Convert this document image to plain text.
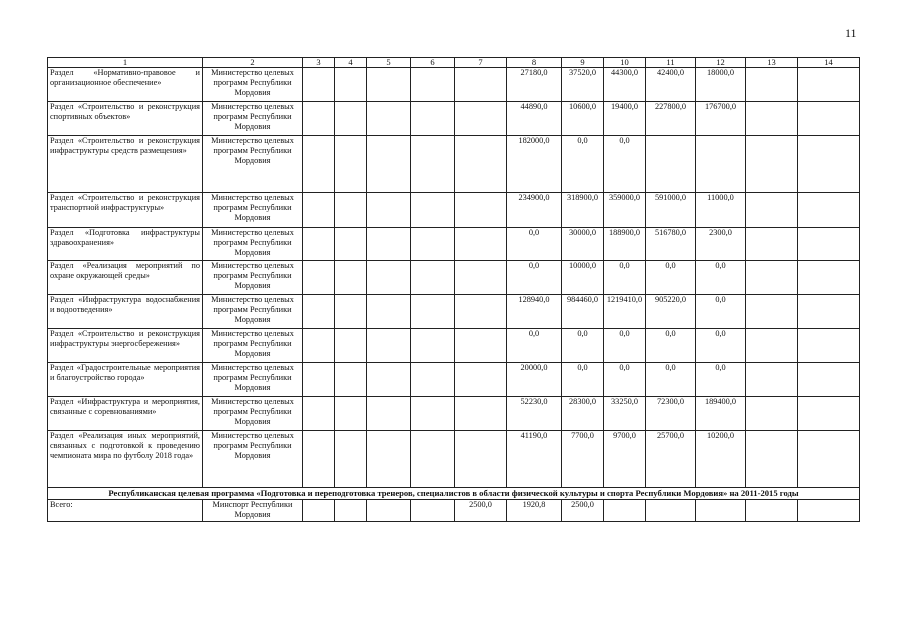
11
1	2	3	4	5	6	7	8	9	10	11	12	13	14
Раздел «Нормативно-правовое и организационное обеспечение»	Министерство целевых программ Республики Мордовия						27180,0	37520,0	44300,0	42400,0	18000,0		
Раздел «Строительство и реконструкция спортивных объектов»	Министерство целевых программ Республики Мордовия						44890,0	10600,0	19400,0	227800,0	176700,0		
Раздел «Строительство и реконструкция инфраструктуры средств размещения»	Министерство целевых программ Республики Мордовия						182000,0	0,0	0,0				
Раздел «Строительство и реконструкция транспортной инфраструктуры»	Министерство целевых программ Республики Мордовия						234900,0	318900,0	359000,0	591000,0	11000,0		
Раздел «Подготовка инфраструктуры здравоохранения»	Министерство целевых программ Республики Мордовия						0,0	30000,0	188900,0	516780,0	2300,0		
Раздел «Реализация мероприятий по охране окружающей среды»	Министерство целевых программ Республики Мордовия						0,0	10000,0	0,0	0,0	0,0		
Раздел «Инфраструктура водоснабжения и водоотведения»	Министерство целевых программ Республики Мордовия						128940,0	984460,0	1219410,0	905220,0	0,0		
Раздел «Строительство и реконструкция инфраструктуры энергосбережения»	Министерство целевых программ Республики Мордовия						0,0	0,0	0,0	0,0	0,0		
Раздел «Градостроительные мероприятия и благоустройство города»	Министерство целевых программ Республики Мордовия						20000,0	0,0	0,0	0,0	0,0		
Раздел «Инфраструктура и мероприятия, связанные с соревнованиями»	Министерство целевых программ Республики Мордовия						52230,0	28300,0	33250,0	72300,0	189400,0		
Раздел «Реализация иных мероприятий, связанных с подготовкой к проведению чемпионата мира по футболу 2018 года»	Министерство целевых программ Республики Мордовия						41190,0	7700,0	9700,0	25700,0	10200,0		
Республиканская целевая программа «Подготовка и переподготовка тренеров, специалистов в области физической культуры и спорта Республики Мордовия» на 2011-2015 годы													
Всего:	Минспорт Республики Мордовия					2500,0	1920,8	2500,0					
